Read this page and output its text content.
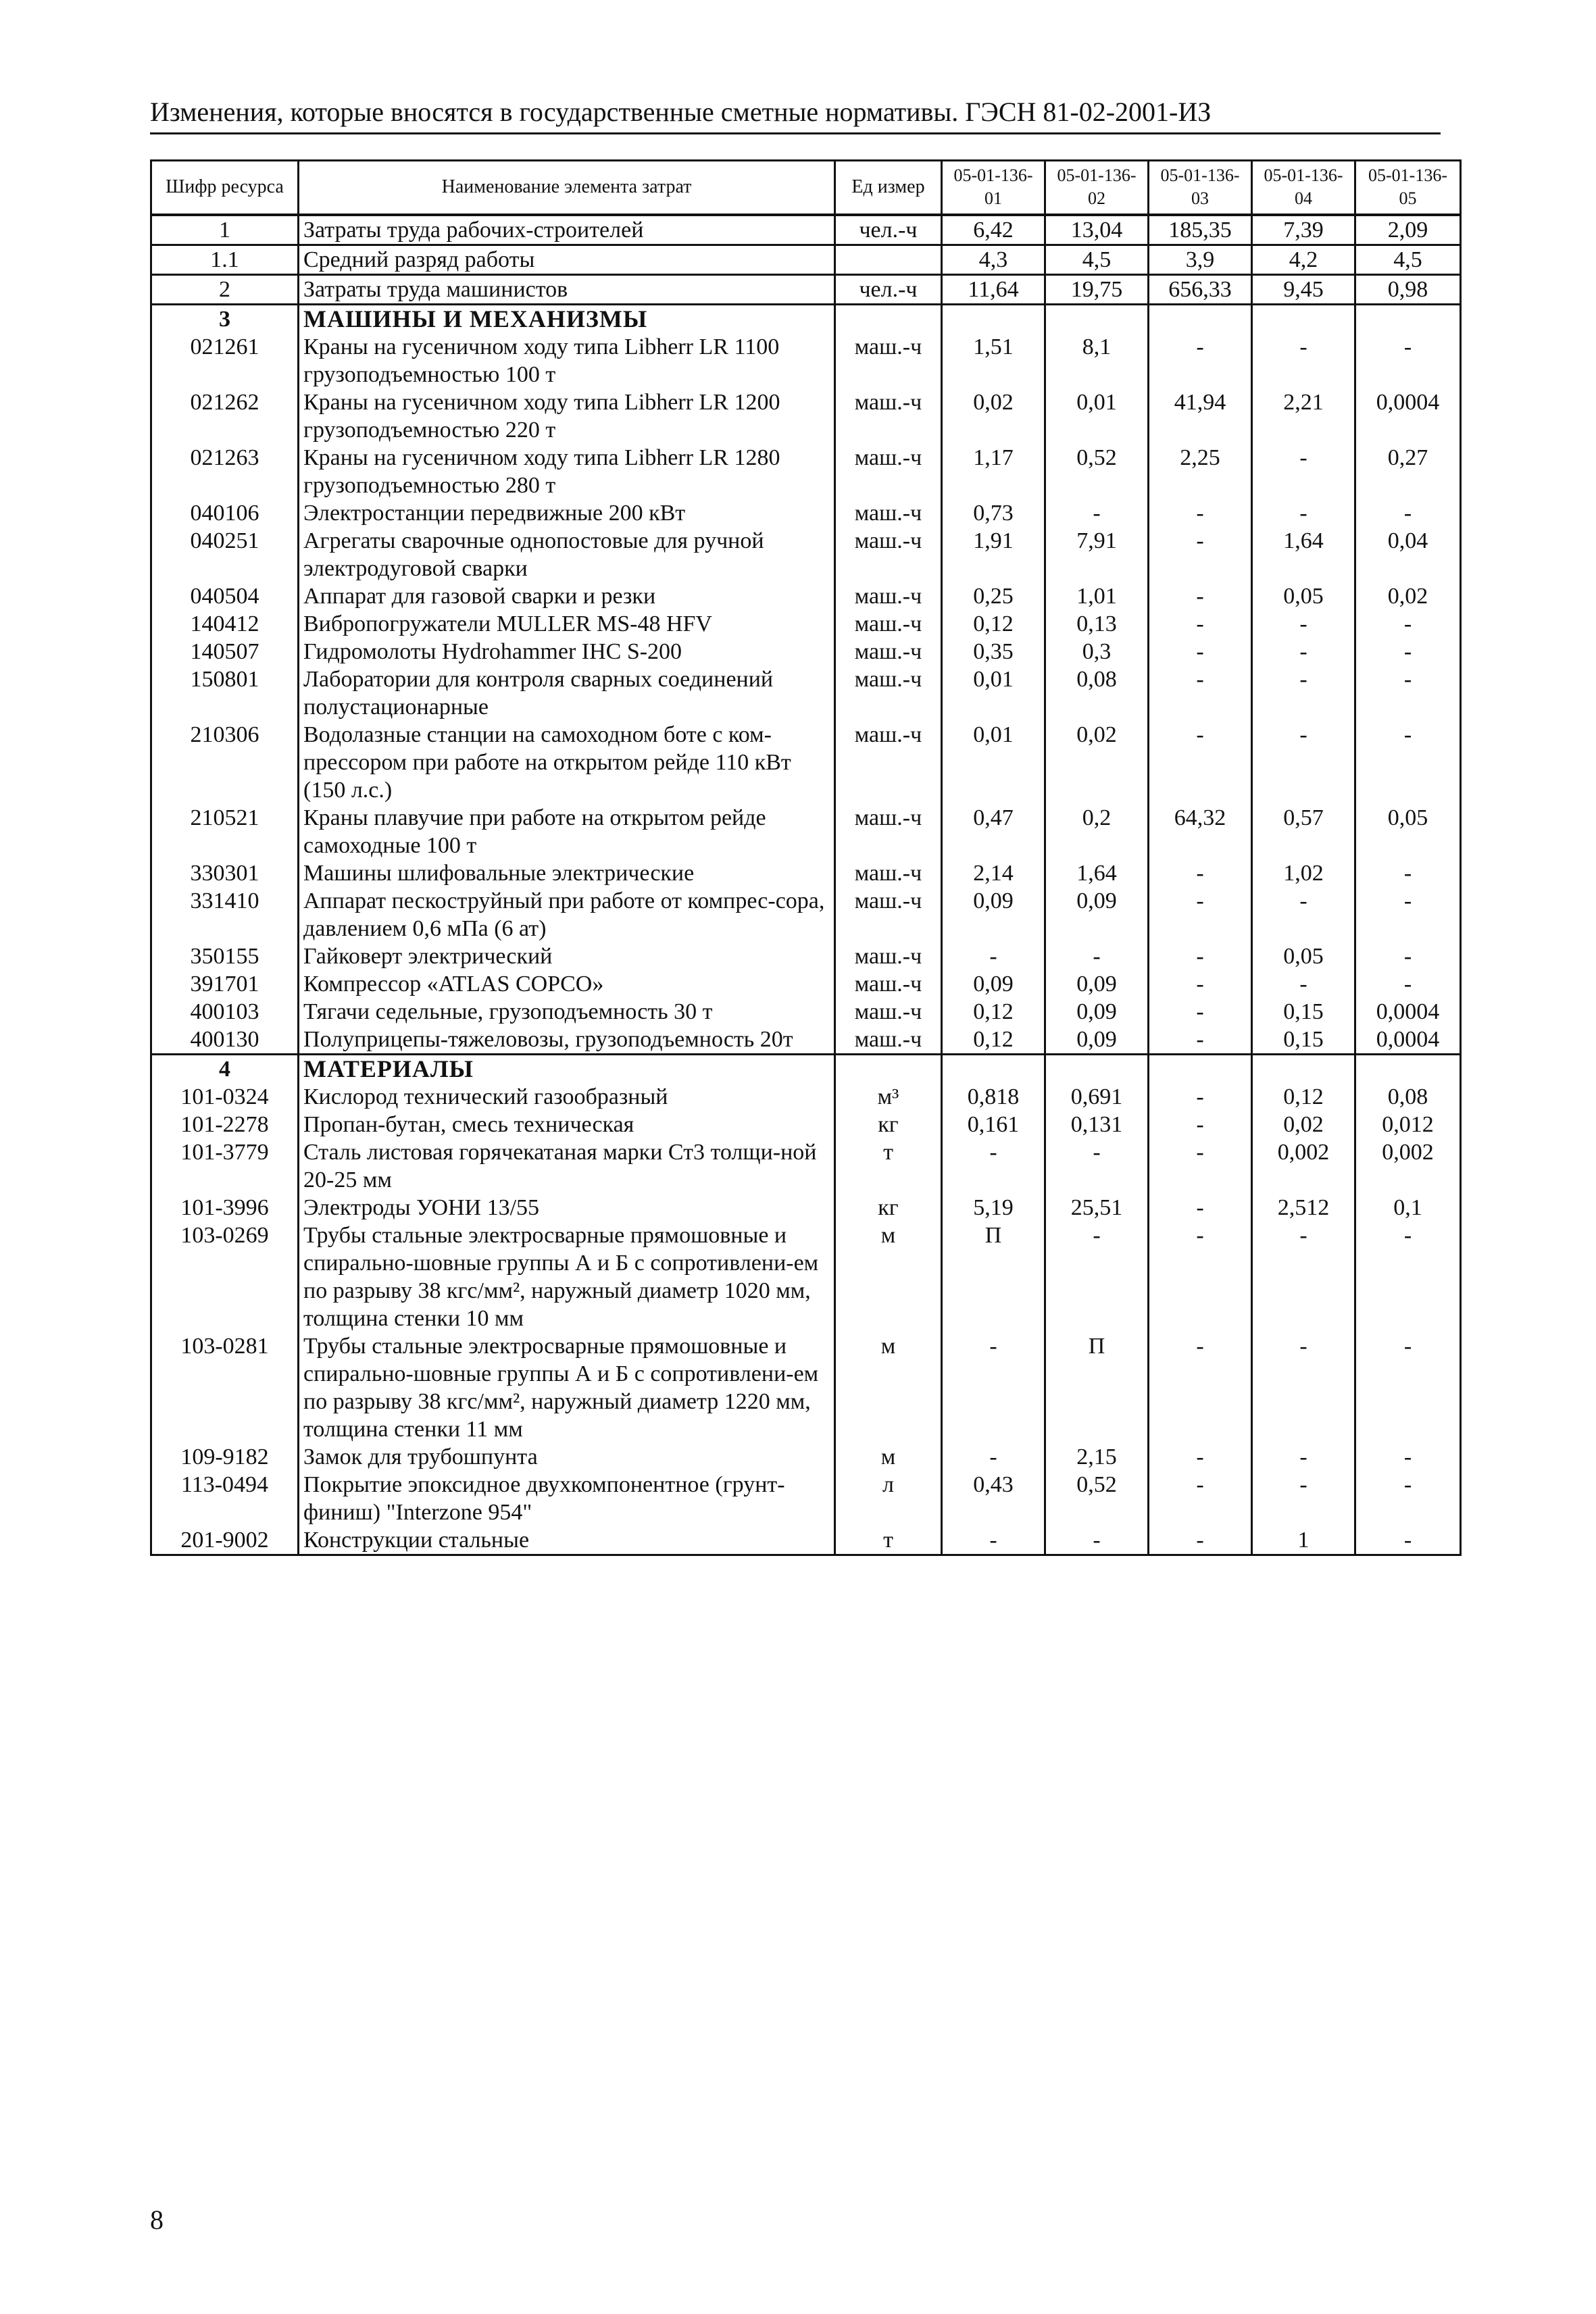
Изменения, которые вносятся в государственные сметные нормативы. ГЭСН 81-02-2001-ИЗ
Шифр ресурса	Наименование элемента затрат	Ед измер	05-01-136-01	05-01-136-02	05-01-136-03	05-01-136-04	05-01-136-05
1	Затраты труда рабочих-строителей	чел.-ч	6,42	13,04	185,35	7,39	2,09
1.1	Средний разряд работы		4,3	4,5	3,9	4,2	4,5
2	Затраты труда машинистов	чел.-ч	11,64	19,75	656,33	9,45	0,98
3	МАШИНЫ И МЕХАНИЗМЫ						
021261	Краны на гусеничном ходу типа Libherr LR 1100 грузоподъемностью 100 т	маш.-ч	1,51	8,1	-	-	-
021262	Краны на гусеничном ходу типа Libherr LR 1200 грузоподъемностью 220 т	маш.-ч	0,02	0,01	41,94	2,21	0,0004
021263	Краны на гусеничном ходу типа Libherr LR 1280 грузоподъемностью 280 т	маш.-ч	1,17	0,52	2,25	-	0,27
040106	Электростанции передвижные 200 кВт	маш.-ч	0,73	-	-	-	-
040251	Агрегаты сварочные однопостовые для ручной электродуговой сварки	маш.-ч	1,91	7,91	-	1,64	0,04
040504	Аппарат для газовой сварки и резки	маш.-ч	0,25	1,01	-	0,05	0,02
140412	Вибропогружатели MULLER MS-48 HFV	маш.-ч	0,12	0,13	-	-	-
140507	Гидромолоты Hydrohammer IHC S-200	маш.-ч	0,35	0,3	-	-	-
150801	Лаборатории для контроля сварных соединений полустационарные	маш.-ч	0,01	0,08	-	-	-
210306	Водолазные станции на самоходном боте с ком-прессором при работе на открытом рейде 110 кВт (150 л.с.)	маш.-ч	0,01	0,02	-	-	-
210521	Краны плавучие при работе на открытом рейде самоходные 100 т	маш.-ч	0,47	0,2	64,32	0,57	0,05
330301	Машины шлифовальные электрические	маш.-ч	2,14	1,64	-	1,02	-
331410	Аппарат пескоструйный при работе от компрес-сора, давлением 0,6 мПа (6 ат)	маш.-ч	0,09	0,09	-	-	-
350155	Гайковерт электрический	маш.-ч	-	-	-	0,05	-
391701	Компрессор «ATLAS COPCO»	маш.-ч	0,09	0,09	-	-	-
400103	Тягачи седельные, грузоподъемность 30 т	маш.-ч	0,12	0,09	-	0,15	0,0004
400130	Полуприцепы-тяжеловозы, грузоподъемность 20т	маш.-ч	0,12	0,09	-	0,15	0,0004
4	МАТЕРИАЛЫ						
101-0324	Кислород технический газообразный	м³	0,818	0,691	-	0,12	0,08
101-2278	Пропан-бутан, смесь техническая	кг	0,161	0,131	-	0,02	0,012
101-3779	Сталь листовая горячекатаная марки Ст3 толщи-ной 20-25 мм	т	-	-	-	0,002	0,002
101-3996	Электроды УОНИ 13/55	кг	5,19	25,51	-	2,512	0,1
103-0269	Трубы стальные электросварные прямошовные и спирально-шовные группы А и Б с сопротивлени-ем по разрыву 38 кгс/мм², наружный диаметр 1020 мм, толщина стенки 10 мм	м	П	-	-	-	-
103-0281	Трубы стальные электросварные прямошовные и спирально-шовные группы А и Б с сопротивлени-ем по разрыву 38 кгс/мм², наружный диаметр 1220 мм, толщина стенки 11 мм	м	-	П	-	-	-
109-9182	Замок для трубошпунта	м	-	2,15	-	-	-
113-0494	Покрытие эпоксидное двухкомпонентное (грунт-финиш) "Interzone 954"	л	0,43	0,52	-	-	-
201-9002	Конструкции стальные	т	-	-	-	1	-
8
